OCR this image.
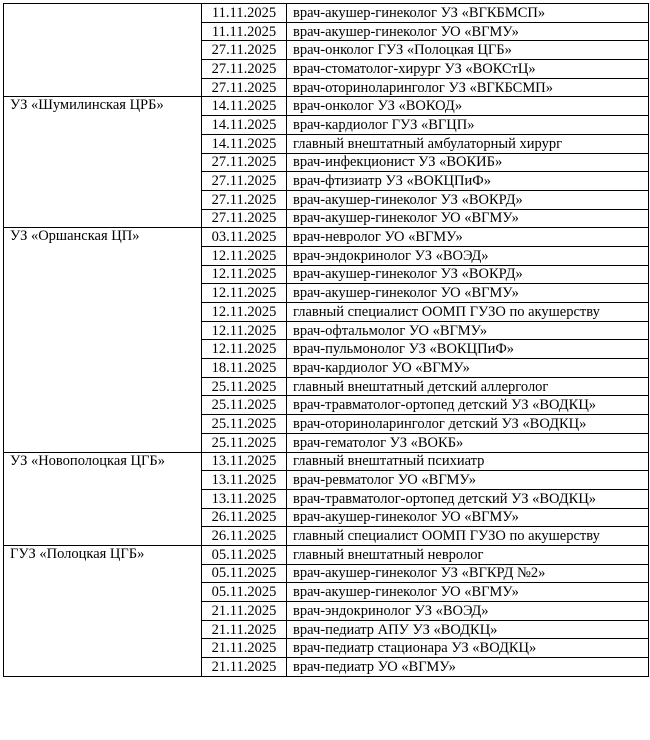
	11.11.2025	врач-акушер-гинеколог УЗ «ВГКБМСП»
	11.11.2025	врач-акушер-гинеколог УО «ВГМУ»
	27.11.2025	врач-онколог ГУЗ «Полоцкая ЦГБ»
	27.11.2025	врач-стоматолог-хирург УЗ «ВОКСтЦ»
	27.11.2025	врач-оториноларинголог УЗ «ВГКБСМП»
УЗ «Шумилинская ЦРБ»	14.11.2025	врач-онколог УЗ «ВОКОД»
	14.11.2025	врач-кардиолог ГУЗ «ВГЦП»
	14.11.2025	главный внештатный амбулаторный хирург
	27.11.2025	врач-инфекционист УЗ «ВОКИБ»
	27.11.2025	врач-фтизиатр УЗ «ВОКЦПиФ»
	27.11.2025	врач-акушер-гинеколог УЗ «ВОКРД»
	27.11.2025	врач-акушер-гинеколог УО «ВГМУ»
УЗ «Оршанская ЦП»	03.11.2025	врач-невролог УО «ВГМУ»
	12.11.2025	врач-эндокринолог УЗ «ВОЭД»
	12.11.2025	врач-акушер-гинеколог УЗ «ВОКРД»
	12.11.2025	врач-акушер-гинеколог УО «ВГМУ»
	12.11.2025	главный специалист ООМП ГУЗО по акушерству
	12.11.2025	врач-офтальмолог УО «ВГМУ»
	12.11.2025	врач-пульмонолог УЗ «ВОКЦПиФ»
	18.11.2025	врач-кардиолог УО «ВГМУ»
	25.11.2025	главный внештатный детский аллерголог
	25.11.2025	врач-травматолог-ортопед детский УЗ «ВОДКЦ»
	25.11.2025	врач-оториноларинголог детский УЗ «ВОДКЦ»
	25.11.2025	врач-гематолог УЗ «ВОКБ»
УЗ «Новополоцкая ЦГБ»	13.11.2025	главный внештатный психиатр
	13.11.2025	врач-ревматолог УО «ВГМУ»
	13.11.2025	врач-травматолог-ортопед детский УЗ «ВОДКЦ»
	26.11.2025	врач-акушер-гинеколог УО «ВГМУ»
	26.11.2025	главный специалист ООМП ГУЗО по акушерству
ГУЗ «Полоцкая ЦГБ»	05.11.2025	главный внештатный невролог
	05.11.2025	врач-акушер-гинеколог УЗ «ВГКРД №2»
	05.11.2025	врач-акушер-гинеколог УО «ВГМУ»
	21.11.2025	врач-эндокринолог УЗ «ВОЭД»
	21.11.2025	врач-педиатр АПУ УЗ «ВОДКЦ»
	21.11.2025	врач-педиатр стационара УЗ «ВОДКЦ»
	21.11.2025	врач-педиатр УО «ВГМУ»
